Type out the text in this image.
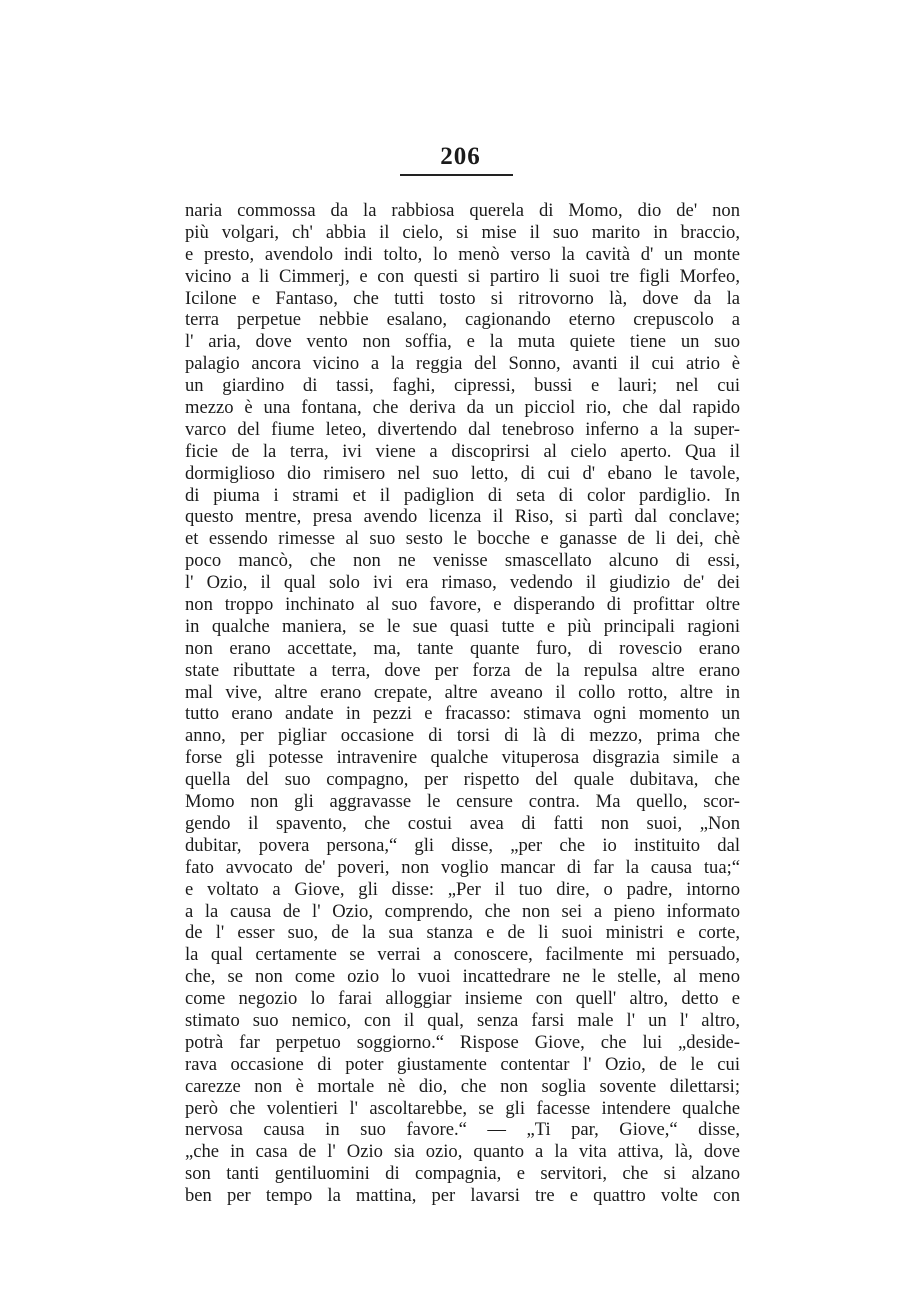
206
naria commossa da la rabbiosa querela di Momo, dio de' non
più volgari, ch' abbia il cielo, si mise il suo marito in braccio,
e presto, avendolo indi tolto, lo menò verso la cavità d' un monte
vicino a li Cimmerj, e con questi si partiro li suoi tre figli Morfeo,
Icilone e Fantaso, che tutti tosto si ritrovorno là, dove da la
terra perpetue nebbie esalano, cagionando eterno crepuscolo a
l' aria, dove vento non soffia, e la muta quiete tiene un suo
palagio ancora vicino a la reggia del Sonno, avanti il cui atrio è
un giardino di tassi, faghi, cipressi, bussi e lauri; nel cui
mezzo è una fontana, che deriva da un picciol rio, che dal rapido
varco del fiume leteo, divertendo dal tenebroso inferno a la super-
ficie de la terra, ivi viene a discoprirsi al cielo aperto. Qua il
dormiglioso dio rimisero nel suo letto, di cui d' ebano le tavole,
di piuma i strami et il padiglion di seta di color pardiglio. In
questo mentre, presa avendo licenza il Riso, si partì dal conclave;
et essendo rimesse al suo sesto le bocche e ganasse de li dei, chè
poco mancò, che non ne venisse smascellato alcuno di essi,
l' Ozio, il qual solo ivi era rimaso, vedendo il giudizio de' dei
non troppo inchinato al suo favore, e disperando di profittar oltre
in qualche maniera, se le sue quasi tutte e più principali ragioni
non erano accettate, ma, tante quante furo, di rovescio erano
state ributtate a terra, dove per forza de la repulsa altre erano
mal vive, altre erano crepate, altre aveano il collo rotto, altre in
tutto erano andate in pezzi e fracasso: stimava ogni momento un
anno, per pigliar occasione di torsi di là di mezzo, prima che
forse gli potesse intravenire qualche vituperosa disgrazia simile a
quella del suo compagno, per rispetto del quale dubitava, che
Momo non gli aggravasse le censure contra. Ma quello, scor-
gendo il spavento, che costui avea di fatti non suoi, „Non
dubitar, povera persona,“ gli disse, „per che io instituito dal
fato avvocato de' poveri, non voglio mancar di far la causa tua;“
e voltato a Giove, gli disse: „Per il tuo dire, o padre, intorno
a la causa de l' Ozio, comprendo, che non sei a pieno informato
de l' esser suo, de la sua stanza e de li suoi ministri e corte,
la qual certamente se verrai a conoscere, facilmente mi persuado,
che, se non come ozio lo vuoi incattedrare ne le stelle, al meno
come negozio lo farai alloggiar insieme con quell' altro, detto e
stimato suo nemico, con il qual, senza farsi male l' un l' altro,
potrà far perpetuo soggiorno.“ Rispose Giove, che lui „deside-
rava occasione di poter giustamente contentar l' Ozio, de le cui
carezze non è mortale nè dio, che non soglia sovente dilettarsi;
però che volentieri l' ascoltarebbe, se gli facesse intendere qualche
nervosa causa in suo favore.“ — „Ti par, Giove,“ disse,
„che in casa de l' Ozio sia ozio, quanto a la vita attiva, là, dove
son tanti gentiluomini di compagnia, e servitori, che si alzano
ben per tempo la mattina, per lavarsi tre e quattro volte con
